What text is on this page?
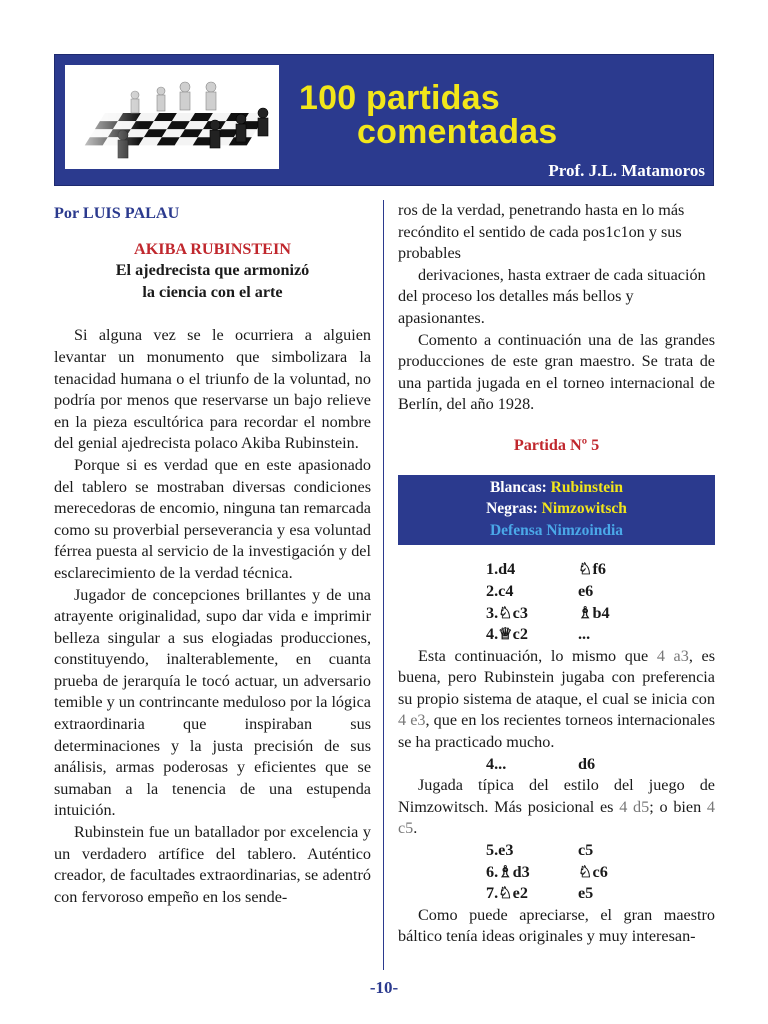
100 partidas
comentadas
Prof. J.L. Matamoros
Por LUIS PALAU
AKIBA RUBINSTEIN
El ajedrecista que armonizó
la ciencia con el arte

Si alguna vez se le ocurriera a alguien levantar un monumento que simbolizara la tenacidad humana o el triunfo de la voluntad, no podría por menos que reservarse un bajo relieve en la pieza escultórica para recordar el nombre del genial ajedrecista polaco Akiba Rubinstein.

Porque si es verdad que en este apasionado del tablero se mostraban diversas condiciones merecedoras de encomio, ninguna tan remarcada como su proverbial perseverancia y esa voluntad férrea puesta al servicio de la investigación y del esclarecimiento de la verdad técnica.

Jugador de concepciones brillantes y de una atrayente originalidad, supo dar vida e imprimir belleza singular a sus elogiadas producciones, constituyendo, inalterablemente, en cuanta prueba de jerarquía le tocó actuar, un adversario temible y un contrincante meduloso por la lógica extraordinaria que inspiraban sus determinaciones y la justa precisión de sus análisis, armas poderosas y eficientes que se sumaban a la tenencia de una estupenda intuición.

Rubinstein fue un batallador por excelencia y un verdadero artífice del tablero. Auténtico creador, de facultades extraordinarias, se adentró con fervoroso empeño en los sende-

ros de la verdad, penetrando hasta en lo más recóndito el sentido de cada pos1c1on y sus probables

derivaciones, hasta extraer de cada situación del proceso los detalles más bellos y apasionantes.

Comento a continuación una de las grandes producciones de este gran maestro. Se trata de una partida jugada en el torneo internacional de Berlín, del año 1928.

Partida Nº 5
Blancas: Rubinstein
Negras: Nimzowitsch
Defensa Nimzoindia
1.d4	♘f6
2.c4	e6
3.♘c3	♗b4
4.♕c2	...

Esta continuación, lo mismo que 4 a3, es buena, pero Rubinstein jugaba con preferencia su propio sistema de ataque, el cual se inicia con 4 e3, que en los recientes torneos internacionales se ha practicado mucho.

4...	d6

Jugada típica del estilo del juego de Nimzowitsch. Más posicional es 4 d5; o bien 4 c5.

5.e3	c5
6.♗d3	♘c6
7.♘e2	e5

Como puede apreciarse, el gran maestro báltico tenía ideas originales y muy interesan-

-10-
